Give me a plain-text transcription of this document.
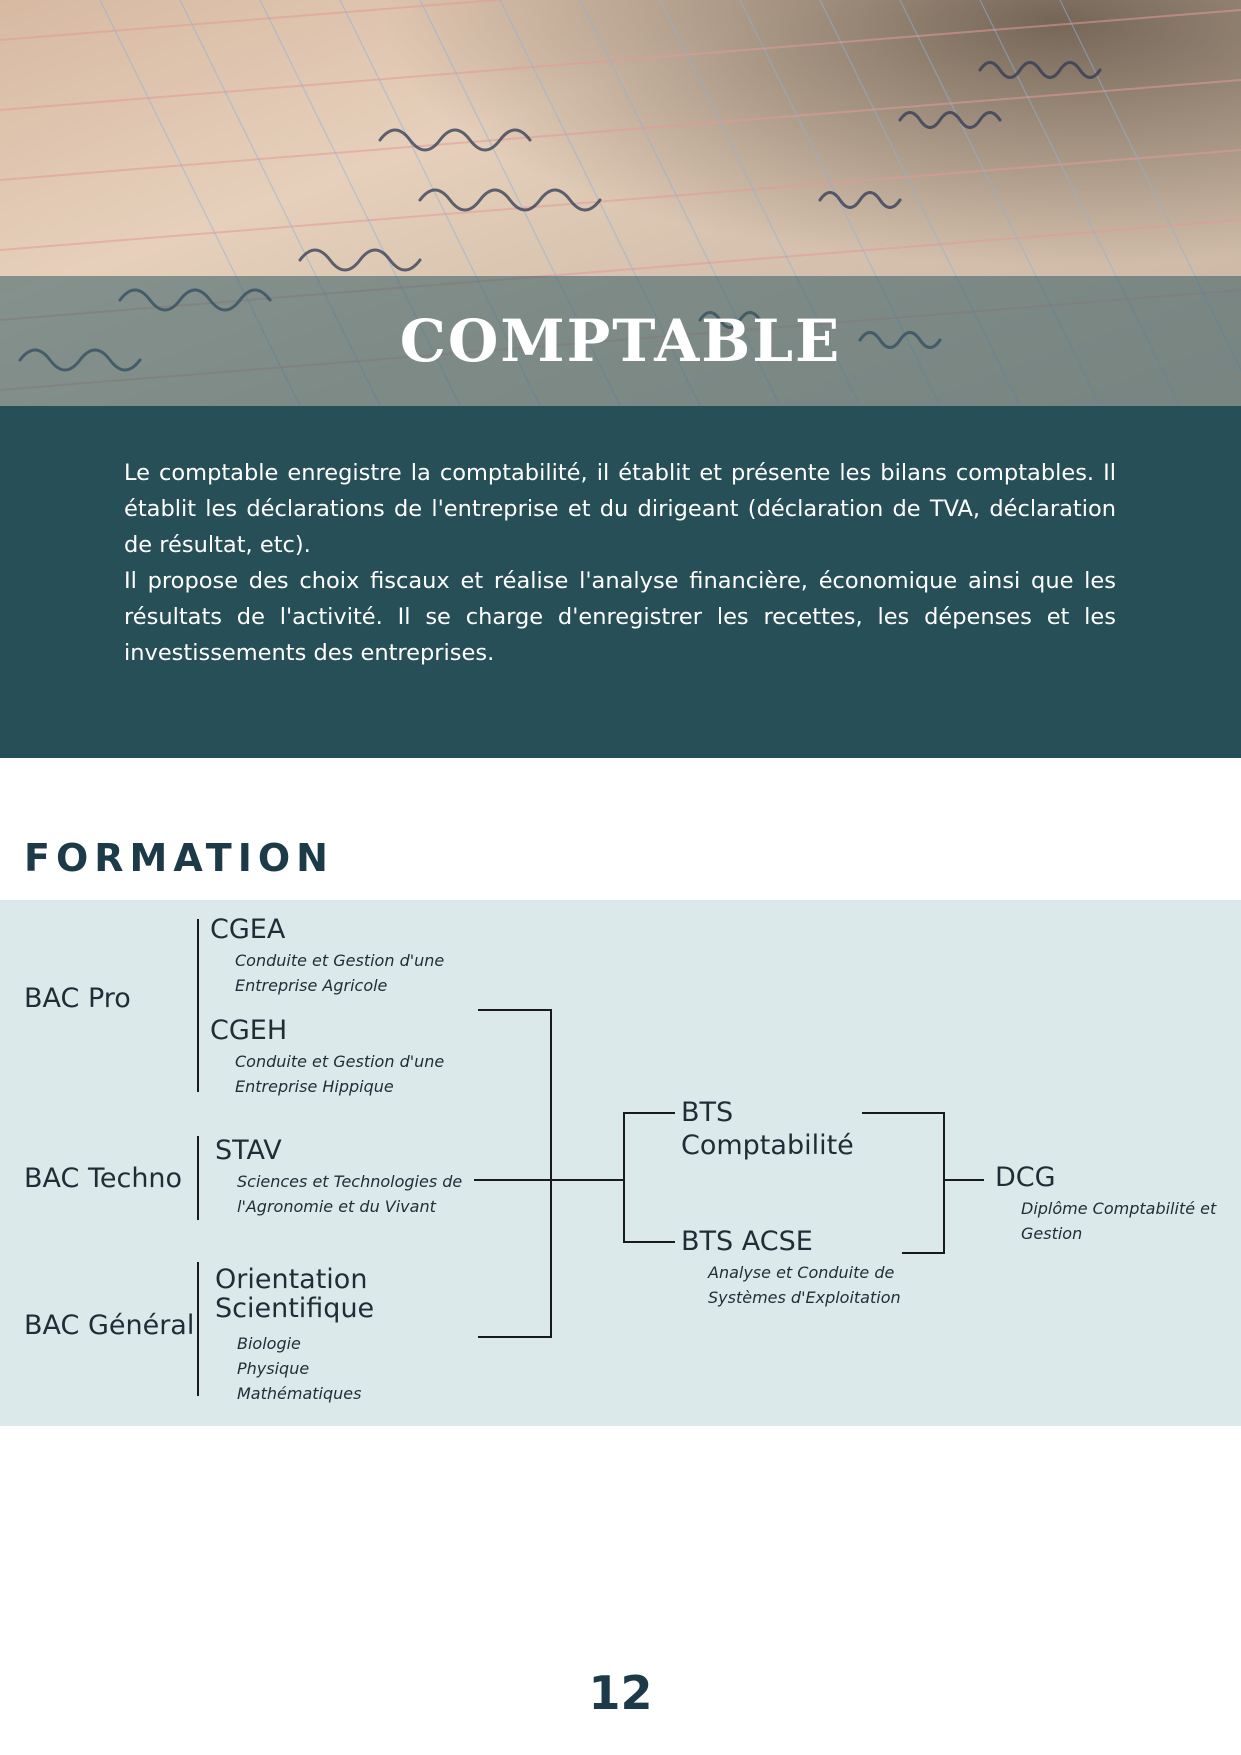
COMPTABLE

Le comptable enregistre la comptabilité, il établit et présente les bilans comptables. Il établit les déclarations de l'entreprise et du dirigeant (déclaration de TVA, déclaration de résultat, etc).

Il propose des choix fiscaux et réalise l'analyse financière, économique ainsi que les résultats de l'activité. Il se charge d'enregistrer les recettes, les dépenses et les investissements des entreprises.

FORMATION
BAC Pro
CGEA
Conduite et Gestion d'une
Entreprise Agricole
CGEH
Conduite et Gestion d'une
Entreprise Hippique
BAC Techno
STAV
Sciences et Technologies de
l'Agronomie et du Vivant
BAC Général
Orientation
Scientifique
Biologie
Physique
Mathématiques
BTS
Comptabilité
BTS ACSE
Analyse et Conduite de
Systèmes d'Exploitation
DCG
Diplôme Comptabilité et
Gestion
12
